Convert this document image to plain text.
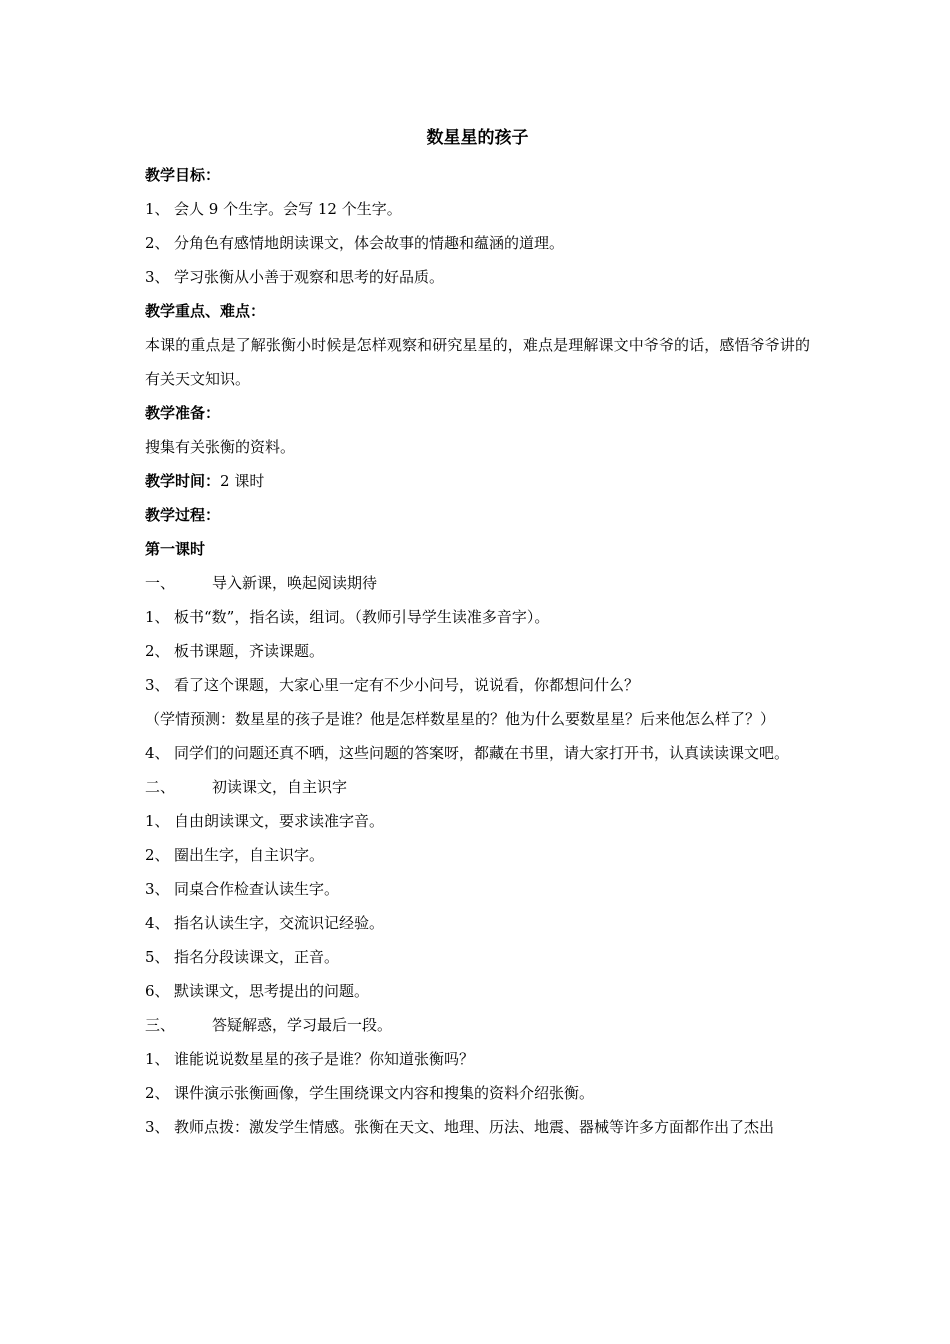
数星星的孩子
教学目标：
1、 会人 9 个生字。会写 12 个生字。
2、 分角色有感情地朗读课文，体会故事的情趣和蕴涵的道理。
3、 学习张衡从小善于观察和思考的好品质。
教学重点、难点：
本课的重点是了解张衡小时候是怎样观察和研究星星的，难点是理解课文中爷爷的话，感悟爷爷讲的有关天文知识。
教学准备：
搜集有关张衡的资料。
教学时间：2 课时
教学过程：
第一课时
一、	导入新课，唤起阅读期待
1、 板书“数”，指名读，组词。（教师引导学生读准多音字）。
2、 板书课题，齐读课题。
3、 看了这个课题，大家心里一定有不少小问号，说说看，你都想问什么？
（学情预测：数星星的孩子是谁？他是怎样数星星的？他为什么要数星星？后来他怎么样了？）
4、 同学们的问题还真不晒，这些问题的答案呀，都藏在书里，请大家打开书，认真读读课文吧。
二、	初读课文，自主识字
1、 自由朗读课文，要求读准字音。
2、 圈出生字，自主识字。
3、 同桌合作检查认读生字。
4、 指名认读生字，交流识记经验。
5、 指名分段读课文，正音。
6、 默读课文，思考提出的问题。
三、	答疑解惑，学习最后一段。
1、 谁能说说数星星的孩子是谁？你知道张衡吗？
2、 课件演示张衡画像，学生围绕课文内容和搜集的资料介绍张衡。
3、 教师点拨：激发学生情感。张衡在天文、地理、历法、地震、器械等许多方面都作出了杰出
